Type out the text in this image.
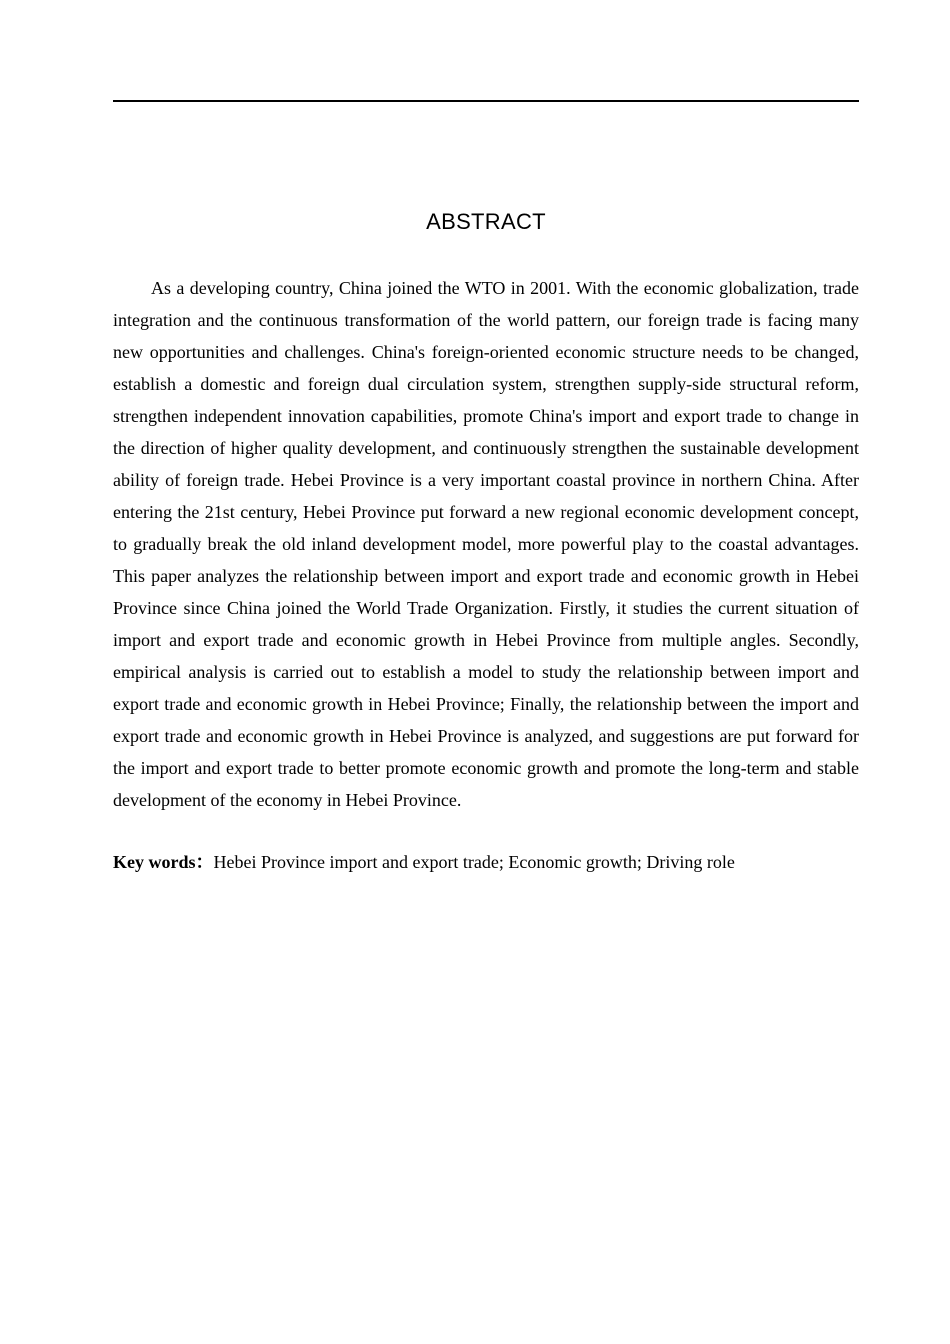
ABSTRACT

As a developing country, China joined the WTO in 2001. With the economic globalization, trade integration and the continuous transformation of the world pattern, our foreign trade is facing many new opportunities and challenges. China's foreign-oriented economic structure needs to be changed, establish a domestic and foreign dual circulation system, strengthen supply-side structural reform, strengthen independent innovation capabilities, promote China's import and export trade to change in the direction of higher quality development, and continuously strengthen the sustainable development ability of foreign trade. Hebei Province is a very important coastal province in northern China. After entering the 21st century, Hebei Province put forward a new regional economic development concept, to gradually break the old inland development model, more powerful play to the coastal advantages. This paper analyzes the relationship between import and export trade and economic growth in Hebei Province since China joined the World Trade Organization. Firstly, it studies the current situation of import and export trade and economic growth in Hebei Province from multiple angles. Secondly, empirical analysis is carried out to establish a model to study the relationship between import and export trade and economic growth in Hebei Province; Finally, the relationship between the import and export trade and economic growth in Hebei Province is analyzed, and suggestions are put forward for the import and export trade to better promote economic growth and promote the long-term and stable development of the economy in Hebei Province.

Key words：Hebei Province import and export trade; Economic growth; Driving role
